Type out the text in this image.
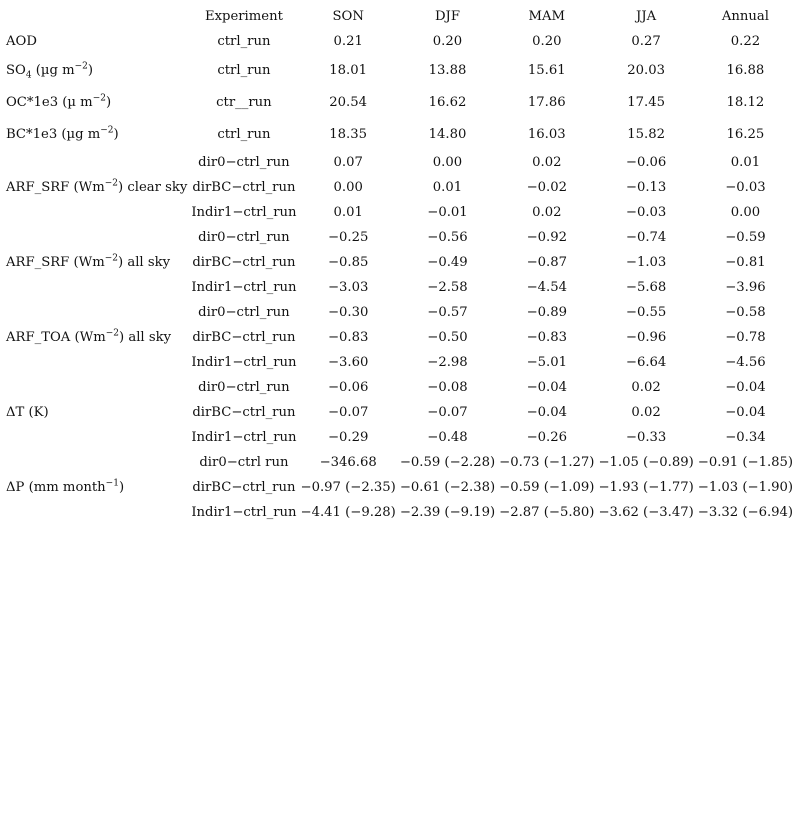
	Experiment	SON	DJF	MAM	JJA	Annual
AOD	ctrl_run	0.21	0.20	0.20	0.27	0.22
$SO_4$ (µg $m^{-2}$)	ctrl_run	18.01	13.88	15.61	20.03	16.88
OC*1e3 (µ $m^{-2}$)	ctr__run	20.54	16.62	17.86	17.45	18.12
BC*1e3 (µg $m^{-2}$)	ctrl_run	18.35	14.80	16.03	15.82	16.25
ARF_SRF $(Wm^{-2})$ clear sky	dir0−ctrl_run	0.07	0.00	0.02	−0.06	0.01
	dirBC−ctrl_run	0.00	0.01	−0.02	−0.13	−0.03
	Indir1−ctrl_run	0.01	−0.01	0.02	−0.03	0.00
ARF_SRF $(Wm^{-2})$ all sky	dir0−ctrl_run	−0.25	−0.56	−0.92	−0.74	−0.59
	dirBC−ctrl_run	−0.85	−0.49	−0.87	−1.03	−0.81
	Indir1−ctrl_run	−3.03	−2.58	−4.54	−5.68	−3.96
ARF_TOA $(Wm^{-2})$ all sky	dir0−ctrl_run	−0.30	−0.57	−0.89	−0.55	−0.58
	dirBC−ctrl_run	−0.83	−0.50	−0.83	−0.96	−0.78
	Indir1−ctrl_run	−3.60	−2.98	−5.01	−6.64	−4.56
ΔT (K)	dir0−ctrl_run	−0.06	−0.08	−0.04	0.02	−0.04
	dirBC−ctrl_run	−0.07	−0.07	−0.04	0.02	−0.04
	Indir1−ctrl_run	−0.29	−0.48	−0.26	−0.33	−0.34
ΔP (mm month$^{-1}$)	dir0−ctrl run	−346.68	−0.59 (−2.28)	−0.73 (−1.27)	−1.05 (−0.89)	−0.91 (−1.85)
	dirBC−ctrl_run	−0.97 (−2.35)	−0.61 (−2.38)	−0.59 (−1.09)	−1.93 (−1.77)	−1.03 (−1.90)
	Indir1−ctrl_run	−4.41 (−9.28)	−2.39 (−9.19)	−2.87 (−5.80)	−3.62 (−3.47)	−3.32 (−6.94)
